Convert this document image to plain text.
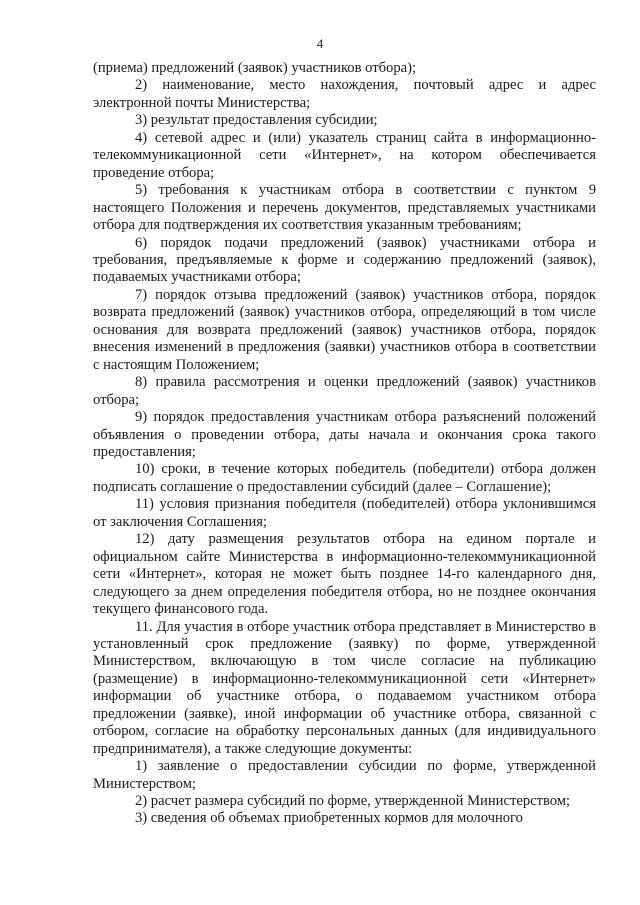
4

(приема) предложений (заявок) участников отбора);

2) наименование, место нахождения, почтовый адрес и адрес электронной почты Министерства;

3) результат предоставления субсидии;

4) сетевой адрес и (или) указатель страниц сайта в информационно-телекоммуникационной сети «Интернет», на котором обеспечивается проведение отбора;

5) требования к участникам отбора в соответствии с пунктом 9 настоящего Положения и перечень документов, представляемых участниками отбора для подтверждения их соответствия указанным требованиям;

6) порядок подачи предложений (заявок) участниками отбора и требования, предъявляемые к форме и содержанию предложений (заявок), подаваемых участниками отбора;

7) порядок отзыва предложений (заявок) участников отбора, порядок возврата предложений (заявок) участников отбора, определяющий в том числе основания для возврата предложений (заявок) участников отбора, порядок внесения изменений в предложения (заявки) участников отбора в соответствии с настоящим Положением;

8) правила рассмотрения и оценки предложений (заявок) участников отбора;

9) порядок предоставления участникам отбора разъяснений положений объявления о проведении отбора, даты начала и окончания срока такого предоставления;

10) сроки, в течение которых победитель (победители) отбора должен подписать соглашение о предоставлении субсидий (далее – Соглашение);

11) условия признания победителя (победителей) отбора уклонившимся от заключения Соглашения;

12) дату размещения результатов отбора на едином портале и официальном сайте Министерства в информационно-телекоммуникационной сети «Интернет», которая не может быть позднее 14-го календарного дня, следующего за днем определения победителя отбора, но не позднее окончания текущего финансового года.

11. Для участия в отборе участник отбора представляет в Министерство в установленный срок предложение (заявку) по форме, утвержденной Министерством, включающую в том числе согласие на публикацию (размещение) в информационно-телекоммуникационной сети «Интернет» информации об участнике отбора, о подаваемом участником отбора предложении (заявке), иной информации об участнике отбора, связанной с отбором, согласие на обработку персональных данных (для индивидуального предпринимателя), а также следующие документы:

1) заявление о предоставлении субсидии по форме, утвержденной Министерством;

2) расчет размера субсидий по форме, утвержденной Министерством;

3) сведения об объемах приобретенных кормов для молочного
